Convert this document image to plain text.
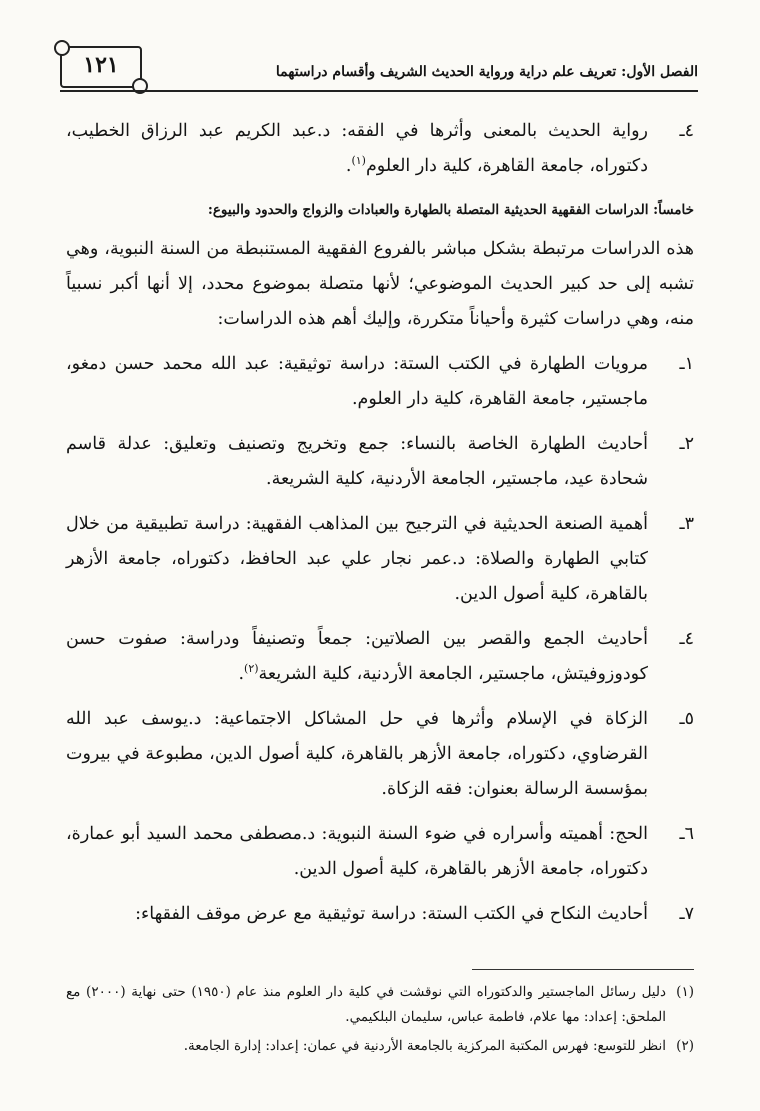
١٢١	الفصل الأول: تعريف علم دراية ورواية الحديث الشريف وأقسام دراستهما
٤ـ
رواية الحديث بالمعنى وأثرها في الفقه: د.عبد الكريم عبد الرزاق الخطيب، دكتوراه، جامعة القاهرة، كلية دار العلوم$^{(١)}$.
خامساً: الدراسات الفقهية الحديثية المتصلة بالطهارة والعبادات والزواج والحدود والبيوع:

هذه الدراسات مرتبطة بشكل مباشر بالفروع الفقهية المستنبطة من السنة النبوية، وهي تشبه إلى حد كبير الحديث الموضوعي؛ لأنها متصلة بموضوع محدد، إلا أنها أكبر نسبياً منه، وهي دراسات كثيرة وأحياناً متكررة، وإليك أهم هذه الدراسات:

١ـ
مرويات الطهارة في الكتب الستة: دراسة توثيقية: عبد الله محمد حسن دمغو، ماجستير، جامعة القاهرة، كلية دار العلوم.
٢ـ
أحاديث الطهارة الخاصة بالنساء: جمع وتخريج وتصنيف وتعليق: عدلة قاسم شحادة عيد، ماجستير، الجامعة الأردنية، كلية الشريعة.
٣ـ
أهمية الصنعة الحديثية في الترجيح بين المذاهب الفقهية: دراسة تطبيقية من خلال كتابي الطهارة والصلاة: د.عمر نجار علي عبد الحافظ، دكتوراه، جامعة الأزهر بالقاهرة، كلية أصول الدين.
٤ـ
أحاديث الجمع والقصر بين الصلاتين: جمعاً وتصنيفاً ودراسة: صفوت حسن كودوزوفيتش، ماجستير، الجامعة الأردنية، كلية الشريعة$^{(٢)}$.
٥ـ
الزكاة في الإسلام وأثرها في حل المشاكل الاجتماعية: د.يوسف عبد الله القرضاوي، دكتوراه، جامعة الأزهر بالقاهرة، كلية أصول الدين، مطبوعة في بيروت بمؤسسة الرسالة بعنوان: فقه الزكاة.
٦ـ
الحج: أهميته وأسراره في ضوء السنة النبوية: د.مصطفى محمد السيد أبو عمارة، دكتوراه، جامعة الأزهر بالقاهرة، كلية أصول الدين.
٧ـ
أحاديث النكاح في الكتب الستة: دراسة توثيقية مع عرض موقف الفقهاء:
(١)
دليل رسائل الماجستير والدكتوراه التي نوقشت في كلية دار العلوم منذ عام (١٩٥٠) حتى نهاية (٢٠٠٠) مع الملحق: إعداد: مها علام، فاطمة عباس، سليمان البلكيمي.
(٢)
انظر للتوسع: فهرس المكتبة المركزية بالجامعة الأردنية في عمان: إعداد: إدارة الجامعة.
